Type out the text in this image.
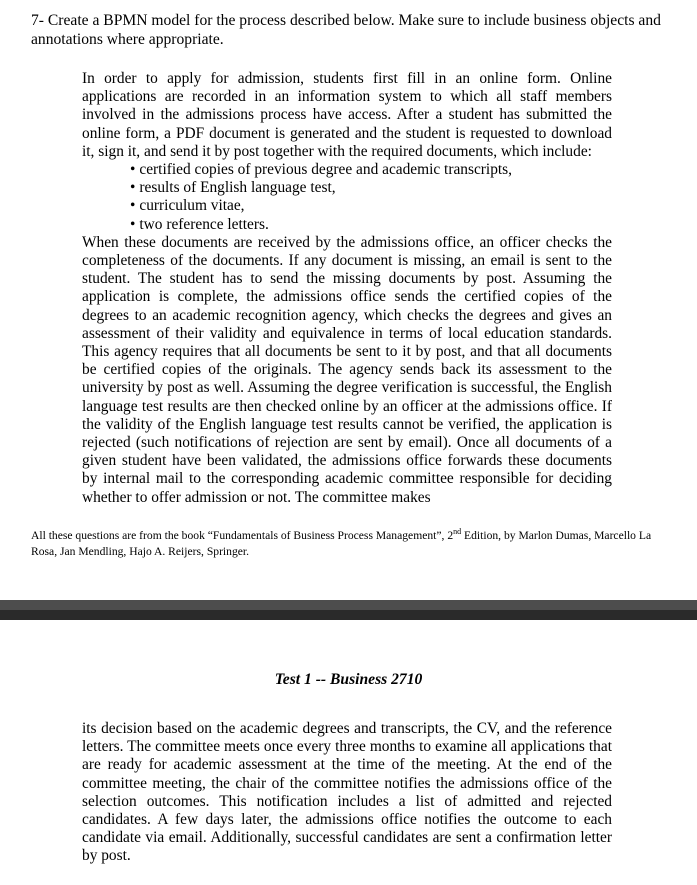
7- Create a BPMN model for the process described below. Make sure to include business objects and annotations where appropriate.
In order to apply for admission, students first fill in an online form. Online applications are recorded in an information system to which all staff members involved in the admissions process have access. After a student has submitted the online form, a PDF document is generated and the student is requested to download it, sign it, and send it by post together with the required documents, which include:
• certified copies of previous degree and academic transcripts,
• results of English language test,
• curriculum vitae,
• two reference letters.
When these documents are received by the admissions office, an officer checks the completeness of the documents. If any document is missing, an email is sent to the student. The student has to send the missing documents by post. Assuming the application is complete, the admissions office sends the certified copies of the degrees to an academic recognition agency, which checks the degrees and gives an assessment of their validity and equivalence in terms of local education standards. This agency requires that all documents be sent to it by post, and that all documents be certified copies of the originals. The agency sends back its assessment to the university by post as well. Assuming the degree verification is successful, the English language test results are then checked online by an officer at the admissions office. If the validity of the English language test results cannot be verified, the application is rejected (such notifications of rejection are sent by email). Once all documents of a given student have been validated, the admissions office forwards these documents by internal mail to the corresponding academic committee responsible for deciding whether to offer admission or not. The committee makes
All these questions are from the book “Fundamentals of Business Process Management”, 2nd Edition, by Marlon Dumas, Marcello La Rosa, Jan Mendling, Hajo A. Reijers, Springer.
Test 1 -- Business 2710
its decision based on the academic degrees and transcripts, the CV, and the reference letters. The committee meets once every three months to examine all applications that are ready for academic assessment at the time of the meeting. At the end of the committee meeting, the chair of the committee notifies the admissions office of the selection outcomes. This notification includes a list of admitted and rejected candidates. A few days later, the admissions office notifies the outcome to each candidate via email. Additionally, successful candidates are sent a confirmation letter by post.
